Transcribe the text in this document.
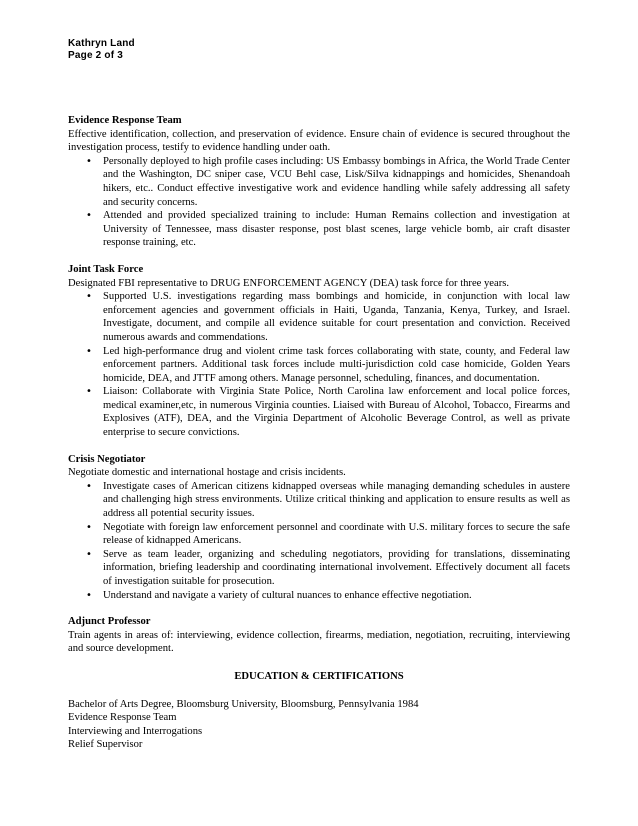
Kathryn Land
Page 2 of 3
Evidence Response Team
Effective identification, collection, and preservation of evidence. Ensure chain of evidence is secured throughout the investigation process, testify to evidence handling under oath.
• Personally deployed to high profile cases including: US Embassy bombings in Africa, the World Trade Center and the Washington, DC sniper case, VCU Behl case, Lisk/Silva kidnappings and homicides, Shenandoah hikers, etc.. Conduct effective investigative work and evidence handling while safely addressing all safety and security concerns.
• Attended and provided specialized training to include: Human Remains collection and investigation at University of Tennessee, mass disaster response, post blast scenes, large vehicle bomb, air craft disaster response training, etc.
Joint Task Force
Designated FBI representative to DRUG ENFORCEMENT AGENCY (DEA) task force for three years.
• Supported U.S. investigations regarding mass bombings and homicide, in conjunction with local law enforcement agencies and government officials in Haiti, Uganda, Tanzania, Kenya, Turkey, and Israel. Investigate, document, and compile all evidence suitable for court presentation and conviction. Received numerous awards and commendations.
• Led high-performance drug and violent crime task forces collaborating with state, county, and Federal law enforcement partners. Additional task forces include multi-jurisdiction cold case homicide, Golden Years homicide, DEA, and JTTF among others. Manage personnel, scheduling, finances, and documentation.
• Liaison: Collaborate with Virginia State Police, North Carolina law enforcement and local police forces, medical examiner,etc, in numerous Virginia counties. Liaised with Bureau of Alcohol, Tobacco, Firearms and Explosives (ATF), DEA, and the Virginia Department of Alcoholic Beverage Control, as well as private enterprise to secure convictions.
Crisis Negotiator
Negotiate domestic and international hostage and crisis incidents.
• Investigate cases of American citizens kidnapped overseas while managing demanding schedules in austere and challenging high stress environments. Utilize critical thinking and application to ensure results as well as address all potential security issues.
• Negotiate with foreign law enforcement personnel and coordinate with U.S. military forces to secure the safe release of kidnapped Americans.
• Serve as team leader, organizing and scheduling negotiators, providing for translations, disseminating information, briefing leadership and coordinating international involvement. Effectively document all facets of investigation suitable for prosecution.
• Understand and navigate a variety of cultural nuances to enhance effective negotiation.
Adjunct Professor
Train agents in areas of: interviewing, evidence collection, firearms, mediation, negotiation, recruiting, interviewing and source development.
EDUCATION & CERTIFICATIONS
Bachelor of Arts Degree, Bloomsburg University, Bloomsburg, Pennsylvania 1984
Evidence Response Team
Interviewing and Interrogations
Relief Supervisor
